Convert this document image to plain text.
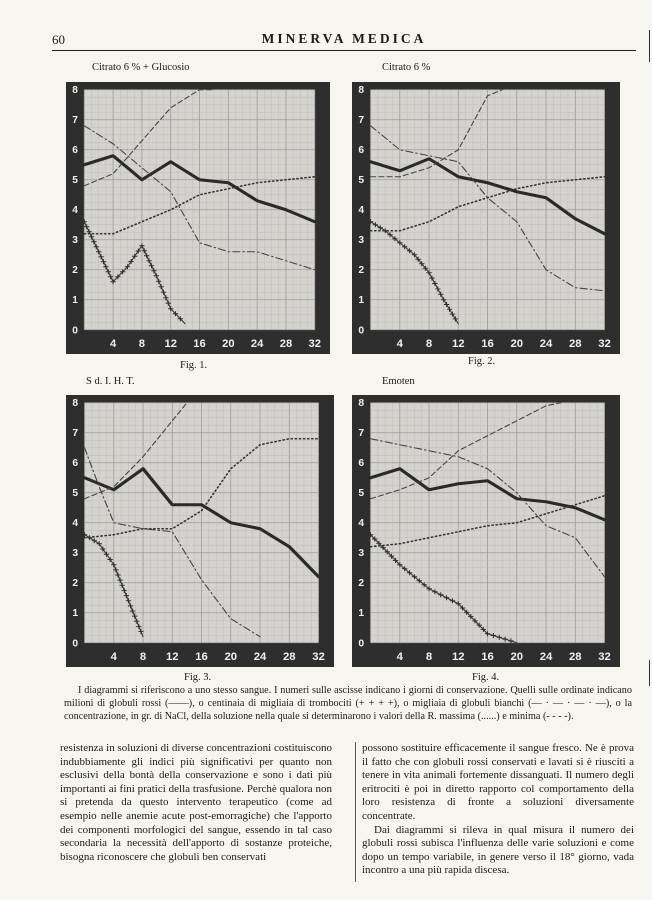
60	MINERVA MEDICA
Citrato 6 % + Glucosio	Citrato 6 %
S d. I. H. T.	Emoten
1
2
3
4
5
6
7
8
0
4 8 12 16 20 24 28 32
1
2
3
4
5
6
7
8
0
4 8 12 16 20 24 28 32
1
2
3
4
5
6
7
8
0
4 8 12 16 20 24 28 32
1
2
3
4
5
6
7
8
0
4 8 12 16 20 24 28 32
Fig. 1.	Fig. 2.
Fig. 3.	Fig. 4.
I diagrammi si riferiscono a uno stesso sangue. I numeri sulle ascisse indicano i giorni di conservazione. Quelli sulle ordinate indicano milioni di globuli rossi (——), o centinaia di migliaia di trombociti (+ + + +), o migliaia di globuli bianchi (— · — · — · —), o la concentrazione, in gr. di NaCl, della soluzione nella quale si determinarono i valori della R. massima (......) e minima (- - - -).

resistenza in soluzioni di diverse concentrazioni costituiscono indubbiamente gli indici più significativi per quanto non esclusivi della bontà della conservazione e sono i dati più importanti ai fini pratici della trasfusione. Perchè qualora non si pretenda da questo intervento terapeutico (come ad esempio nelle anemie acute post-emorragiche) che l'apporto dei componenti morfologici del sangue, essendo in tal caso secondaria la necessità dell'apporto di sostanze proteiche, bisogna riconoscere che globuli ben conservati

possono sostituire efficacemente il sangue fresco. Ne è prova il fatto che con globuli rossi conservati e lavati si è riusciti a tenere in vita animali fortemente dissanguati. Il numero degli eritrociti è poi in diretto rapporto col comportamento della loro resistenza di fronte a soluzioni diversamente concentrate.

Dai diagrammi si rileva in qual misura il numero dei globuli rossi subisca l'influenza delle varie soluzioni e come dopo un tempo variabile, in genere verso il 18° giorno, vada incontro a una più rapida discesa.
